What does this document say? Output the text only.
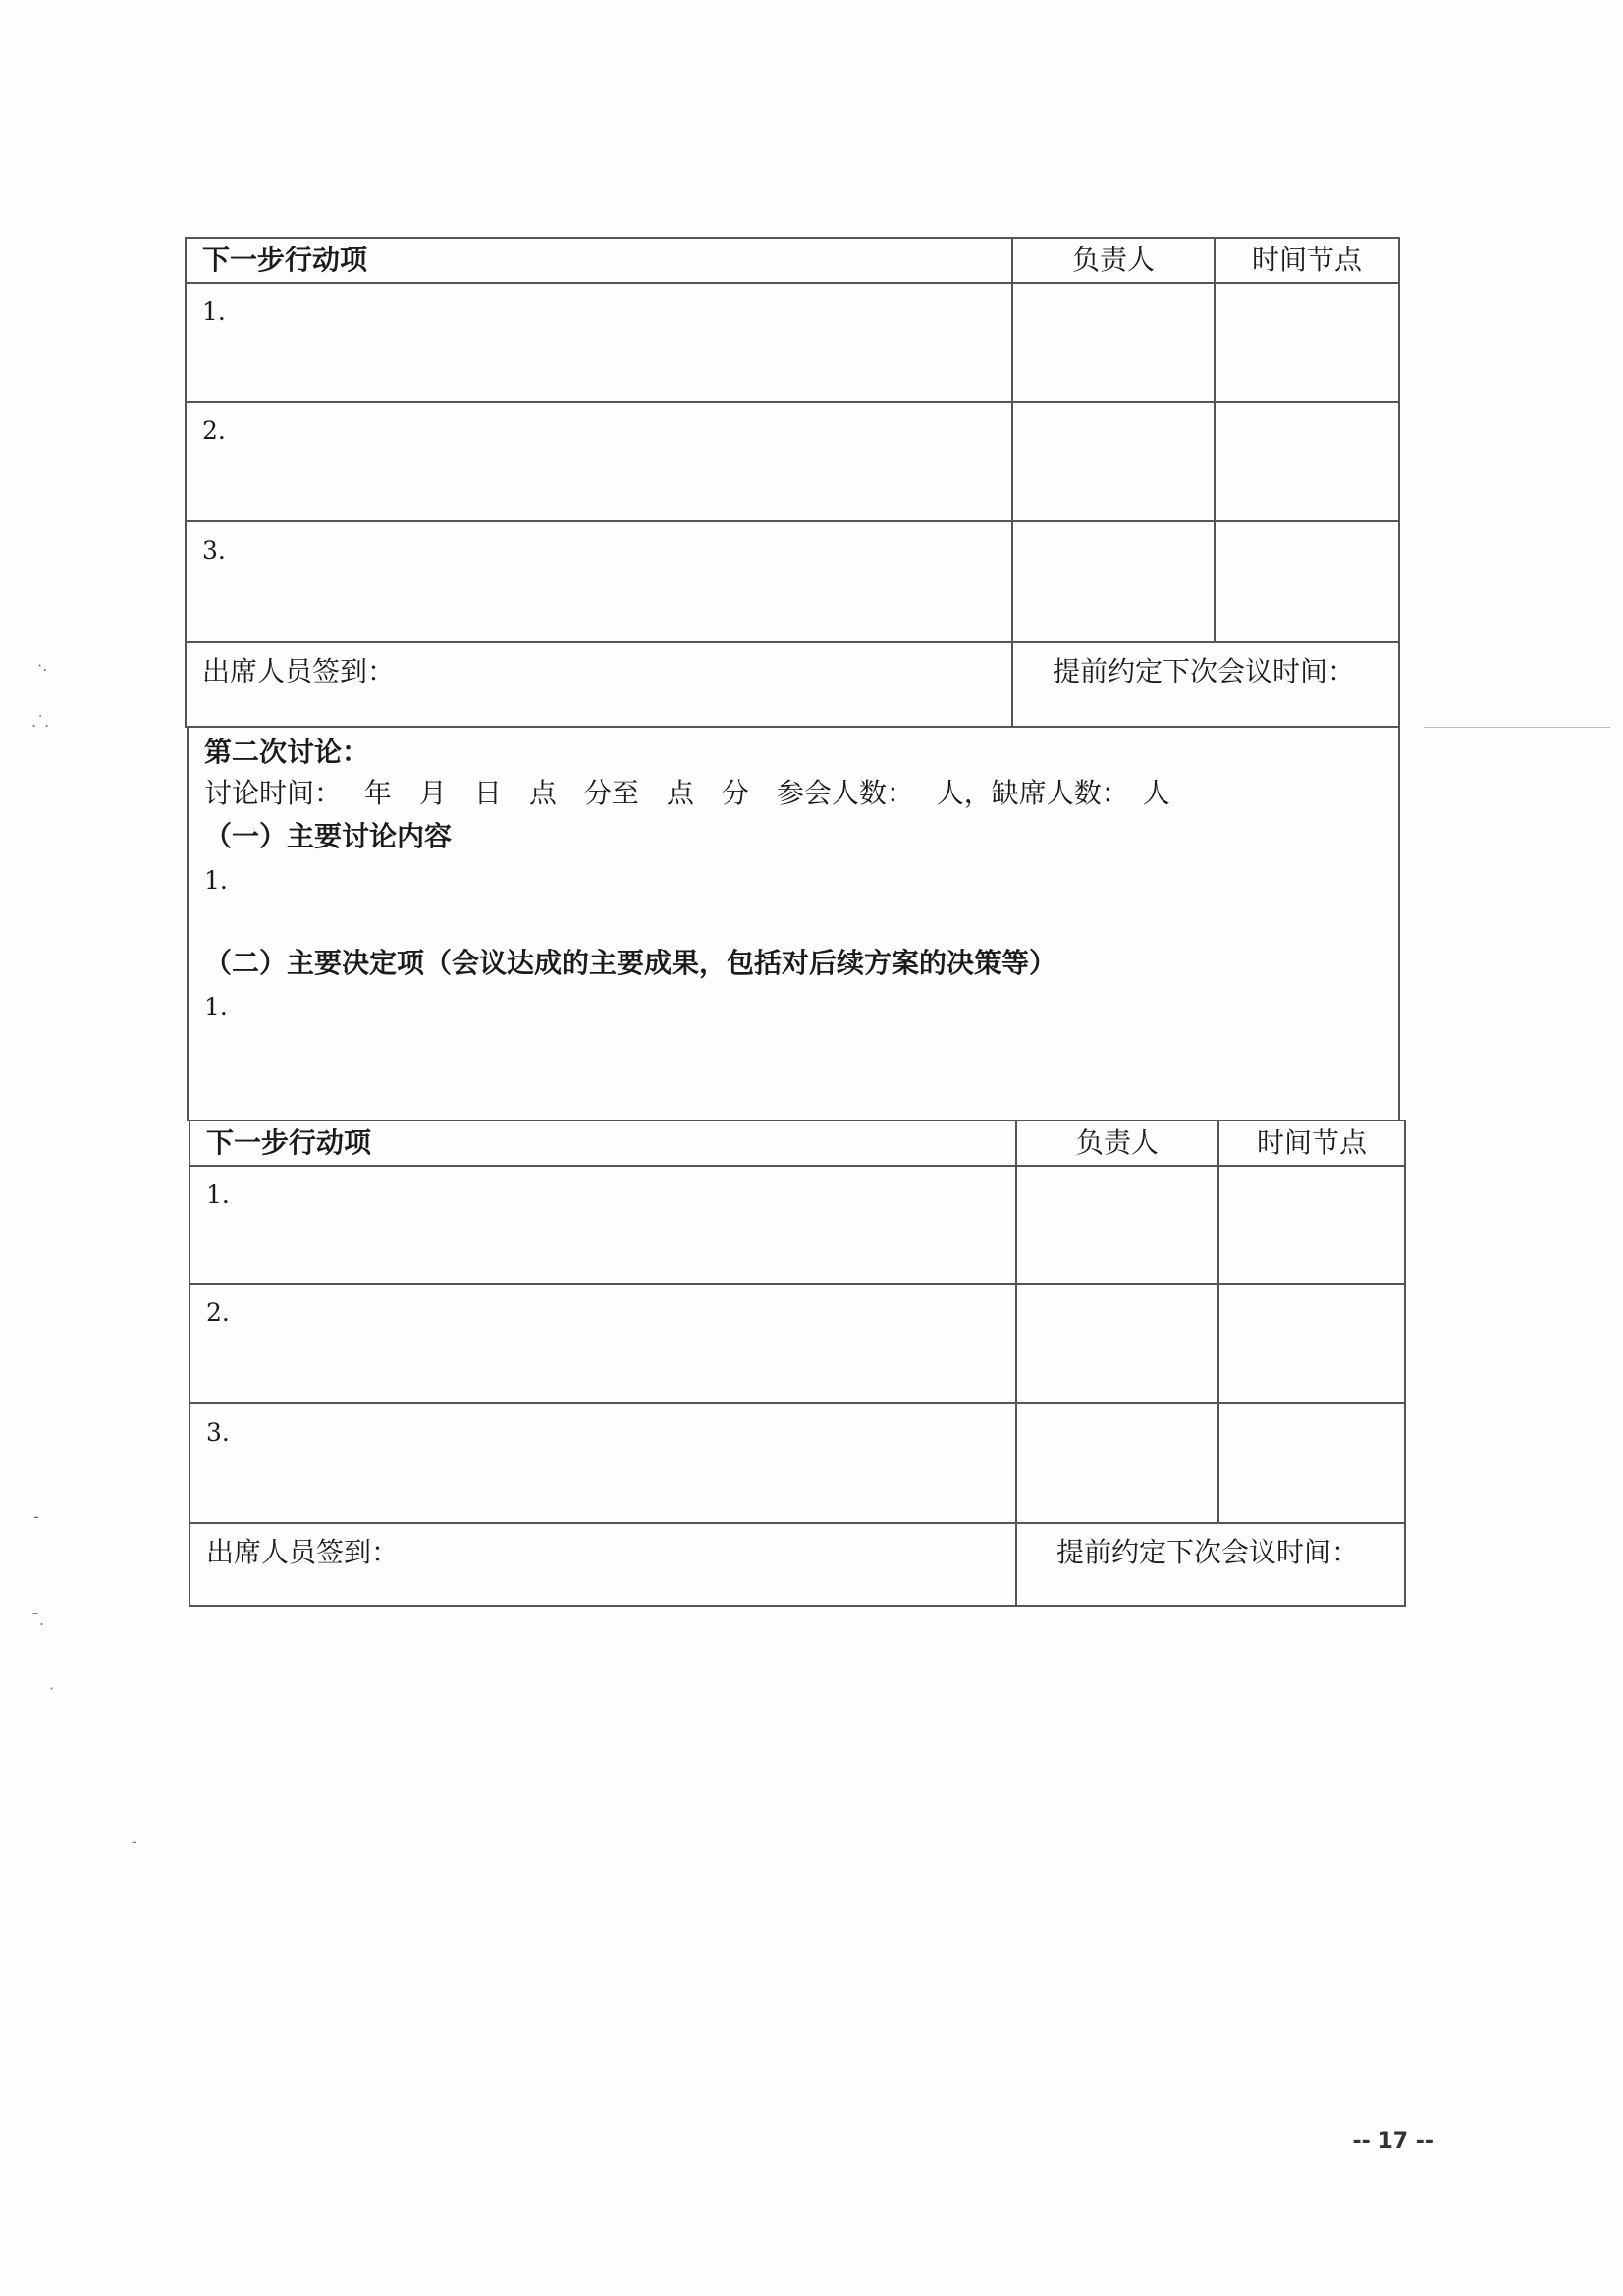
下一步行动项	负责人	时间节点
1.
2.
3.
出席人员签到：	提前约定下次会议时间：
第二次讨论：
讨论时间：　 年　月　日　点　分至　点　分　参会人数：　 人，缺席人数：　人
（一）主要讨论内容
1.
（二）主要决定项（会议达成的主要成果，包括对后续方案的决策等）
1.
下一步行动项	负责人	时间节点
1.
2.
3.
出席人员签到：	提前约定下次会议时间：
·.
.˙.
-
¯.
·
-
-- 17 --
